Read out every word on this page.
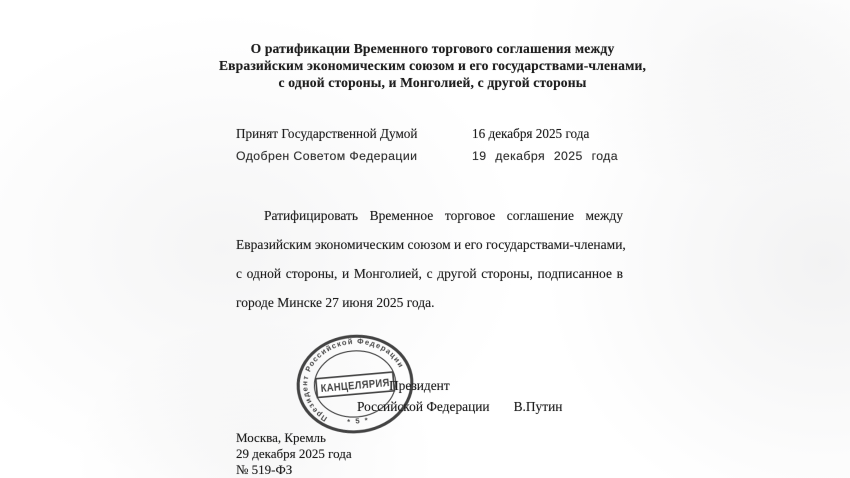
О ратификации Временного торгового соглашения между
Евразийским экономическим союзом и его государствами-членами,
с одной стороны, и Монголией, с другой стороны
Принят Государственной Думой	16 декабря 2025 года
Одобрен Советом Федерации	19 декабря 2025 года
Ратифицировать Временное торговое соглашение между
Евразийским экономическим союзом и его государствами-членами,
с одной стороны, и Монголией, с другой стороны, подписанное в
городе Минске 27 июня 2025 года.
Президент Российской Федерации
КАНЦЕЛЯРИЯ
* 5 *
Президент
Российской Федерации В.Путин
Москва, Кремль
29 декабря 2025 года
№ 519-ФЗ
